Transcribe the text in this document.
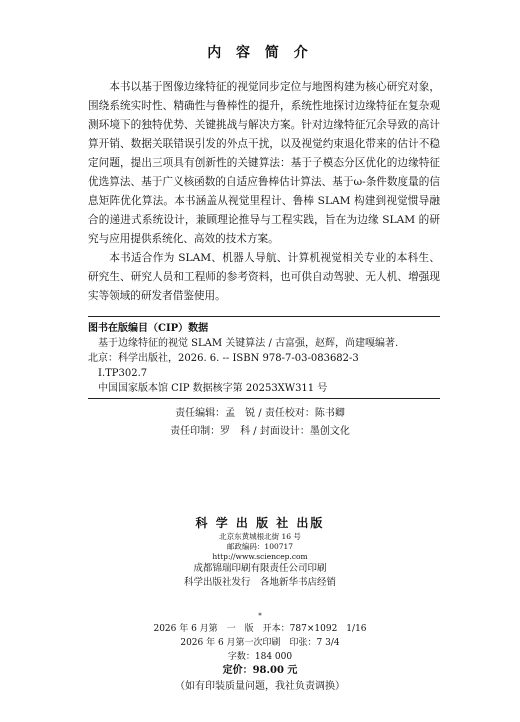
内 容 简 介

本书以基于图像边缘特征的视觉同步定位与地图构建为核心研究对象，围绕系统实时性、精确性与鲁棒性的提升，系统性地探讨边缘特征在复杂观测环境下的独特优势、关键挑战与解决方案。针对边缘特征冗余导致的高计算开销、数据关联错误引发的外点干扰，以及视觉约束退化带来的估计不稳定问题，提出三项具有创新性的关键算法：基于子模态分区优化的边缘特征优选算法、基于广义核函数的自适应鲁棒估计算法、基于ω-条件数度量的信息矩阵优化算法。本书涵盖从视觉里程计、鲁棒 SLAM 构建到视觉惯导融合的递进式系统设计，兼顾理论推导与工程实践，旨在为边缘 SLAM 的研究与应用提供系统化、高效的技术方案。

本书适合作为 SLAM、机器人导航、计算机视觉相关专业的本科生、研究生、研究人员和工程师的参考资料，也可供自动驾驶、无人机、增强现实等领域的研发者借鉴使用。

图书在版编目（CIP）数据
基于边缘特征的视觉 SLAM 关键算法 / 古富强，赵辉，尚建嘎编著.
北京：科学出版社，2026. 6. -- ISBN 978-7-03-083682-3
Ⅰ.TP302.7
中国国家版本馆 CIP 数据核字第 20253XW311 号
责任编辑：孟　锐 / 责任校对：陈书卿
责任印制：罗　科 / 封面设计：墨创文化
科 学 出 版 社 出版
北京东黄城根北街 16 号
邮政编码：100717
http://www.sciencep.com
成都锦瑞印刷有限责任公司印刷
科学出版社发行　各地新华书店经销
*
2026 年 6 月第　一　版　开本：787×1092　1/16
2026 年 6 月第一次印刷　印张：7 3/4
字数：184 000
定价：98.00 元
（如有印装质量问题，我社负责调换）
